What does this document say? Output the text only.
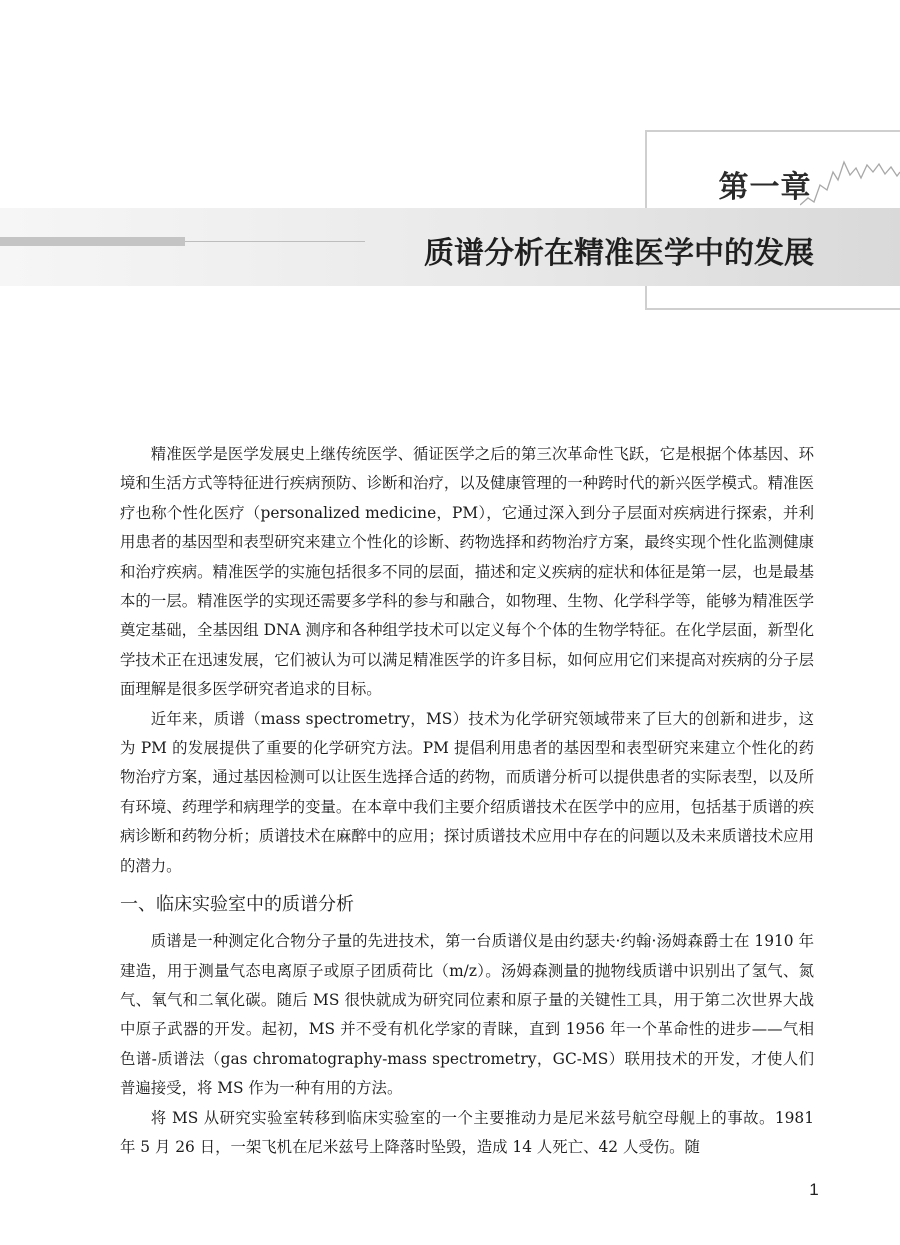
第一章
质谱分析在精准医学中的发展

精准医学是医学发展史上继传统医学、循证医学之后的第三次革命性飞跃，它是根据个体基因、环境和生活方式等特征进行疾病预防、诊断和治疗，以及健康管理的一种跨时代的新兴医学模式。精准医疗也称个性化医疗（personalized medicine，PM），它通过深入到分子层面对疾病进行探索，并利用患者的基因型和表型研究来建立个性化的诊断、药物选择和药物治疗方案，最终实现个性化监测健康和治疗疾病。精准医学的实施包括很多不同的层面，描述和定义疾病的症状和体征是第一层，也是最基本的一层。精准医学的实现还需要多学科的参与和融合，如物理、生物、化学科学等，能够为精准医学奠定基础，全基因组 DNA 测序和各种组学技术可以定义每个个体的生物学特征。在化学层面，新型化学技术正在迅速发展，它们被认为可以满足精准医学的许多目标，如何应用它们来提高对疾病的分子层面理解是很多医学研究者追求的目标。

近年来，质谱（mass spectrometry，MS）技术为化学研究领域带来了巨大的创新和进步，这为 PM 的发展提供了重要的化学研究方法。PM 提倡利用患者的基因型和表型研究来建立个性化的药物治疗方案，通过基因检测可以让医生选择合适的药物，而质谱分析可以提供患者的实际表型，以及所有环境、药理学和病理学的变量。在本章中我们主要介绍质谱技术在医学中的应用，包括基于质谱的疾病诊断和药物分析；质谱技术在麻醉中的应用；探讨质谱技术应用中存在的问题以及未来质谱技术应用的潜力。

一、临床实验室中的质谱分析

质谱是一种测定化合物分子量的先进技术，第一台质谱仪是由约瑟夫·约翰·汤姆森爵士在 1910 年建造，用于测量气态电离原子或原子团质荷比（m/z）。汤姆森测量的抛物线质谱中识别出了氢气、氮气、氧气和二氧化碳。随后 MS 很快就成为研究同位素和原子量的关键性工具，用于第二次世界大战中原子武器的开发。起初，MS 并不受有机化学家的青睐，直到 1956 年一个革命性的进步——气相色谱-质谱法（gas chromatography-mass spectrometry，GC-MS）联用技术的开发，才使人们普遍接受，将 MS 作为一种有用的方法。

将 MS 从研究实验室转移到临床实验室的一个主要推动力是尼米兹号航空母舰上的事故。1981 年 5 月 26 日，一架飞机在尼米兹号上降落时坠毁，造成 14 人死亡、42 人受伤。随

1
